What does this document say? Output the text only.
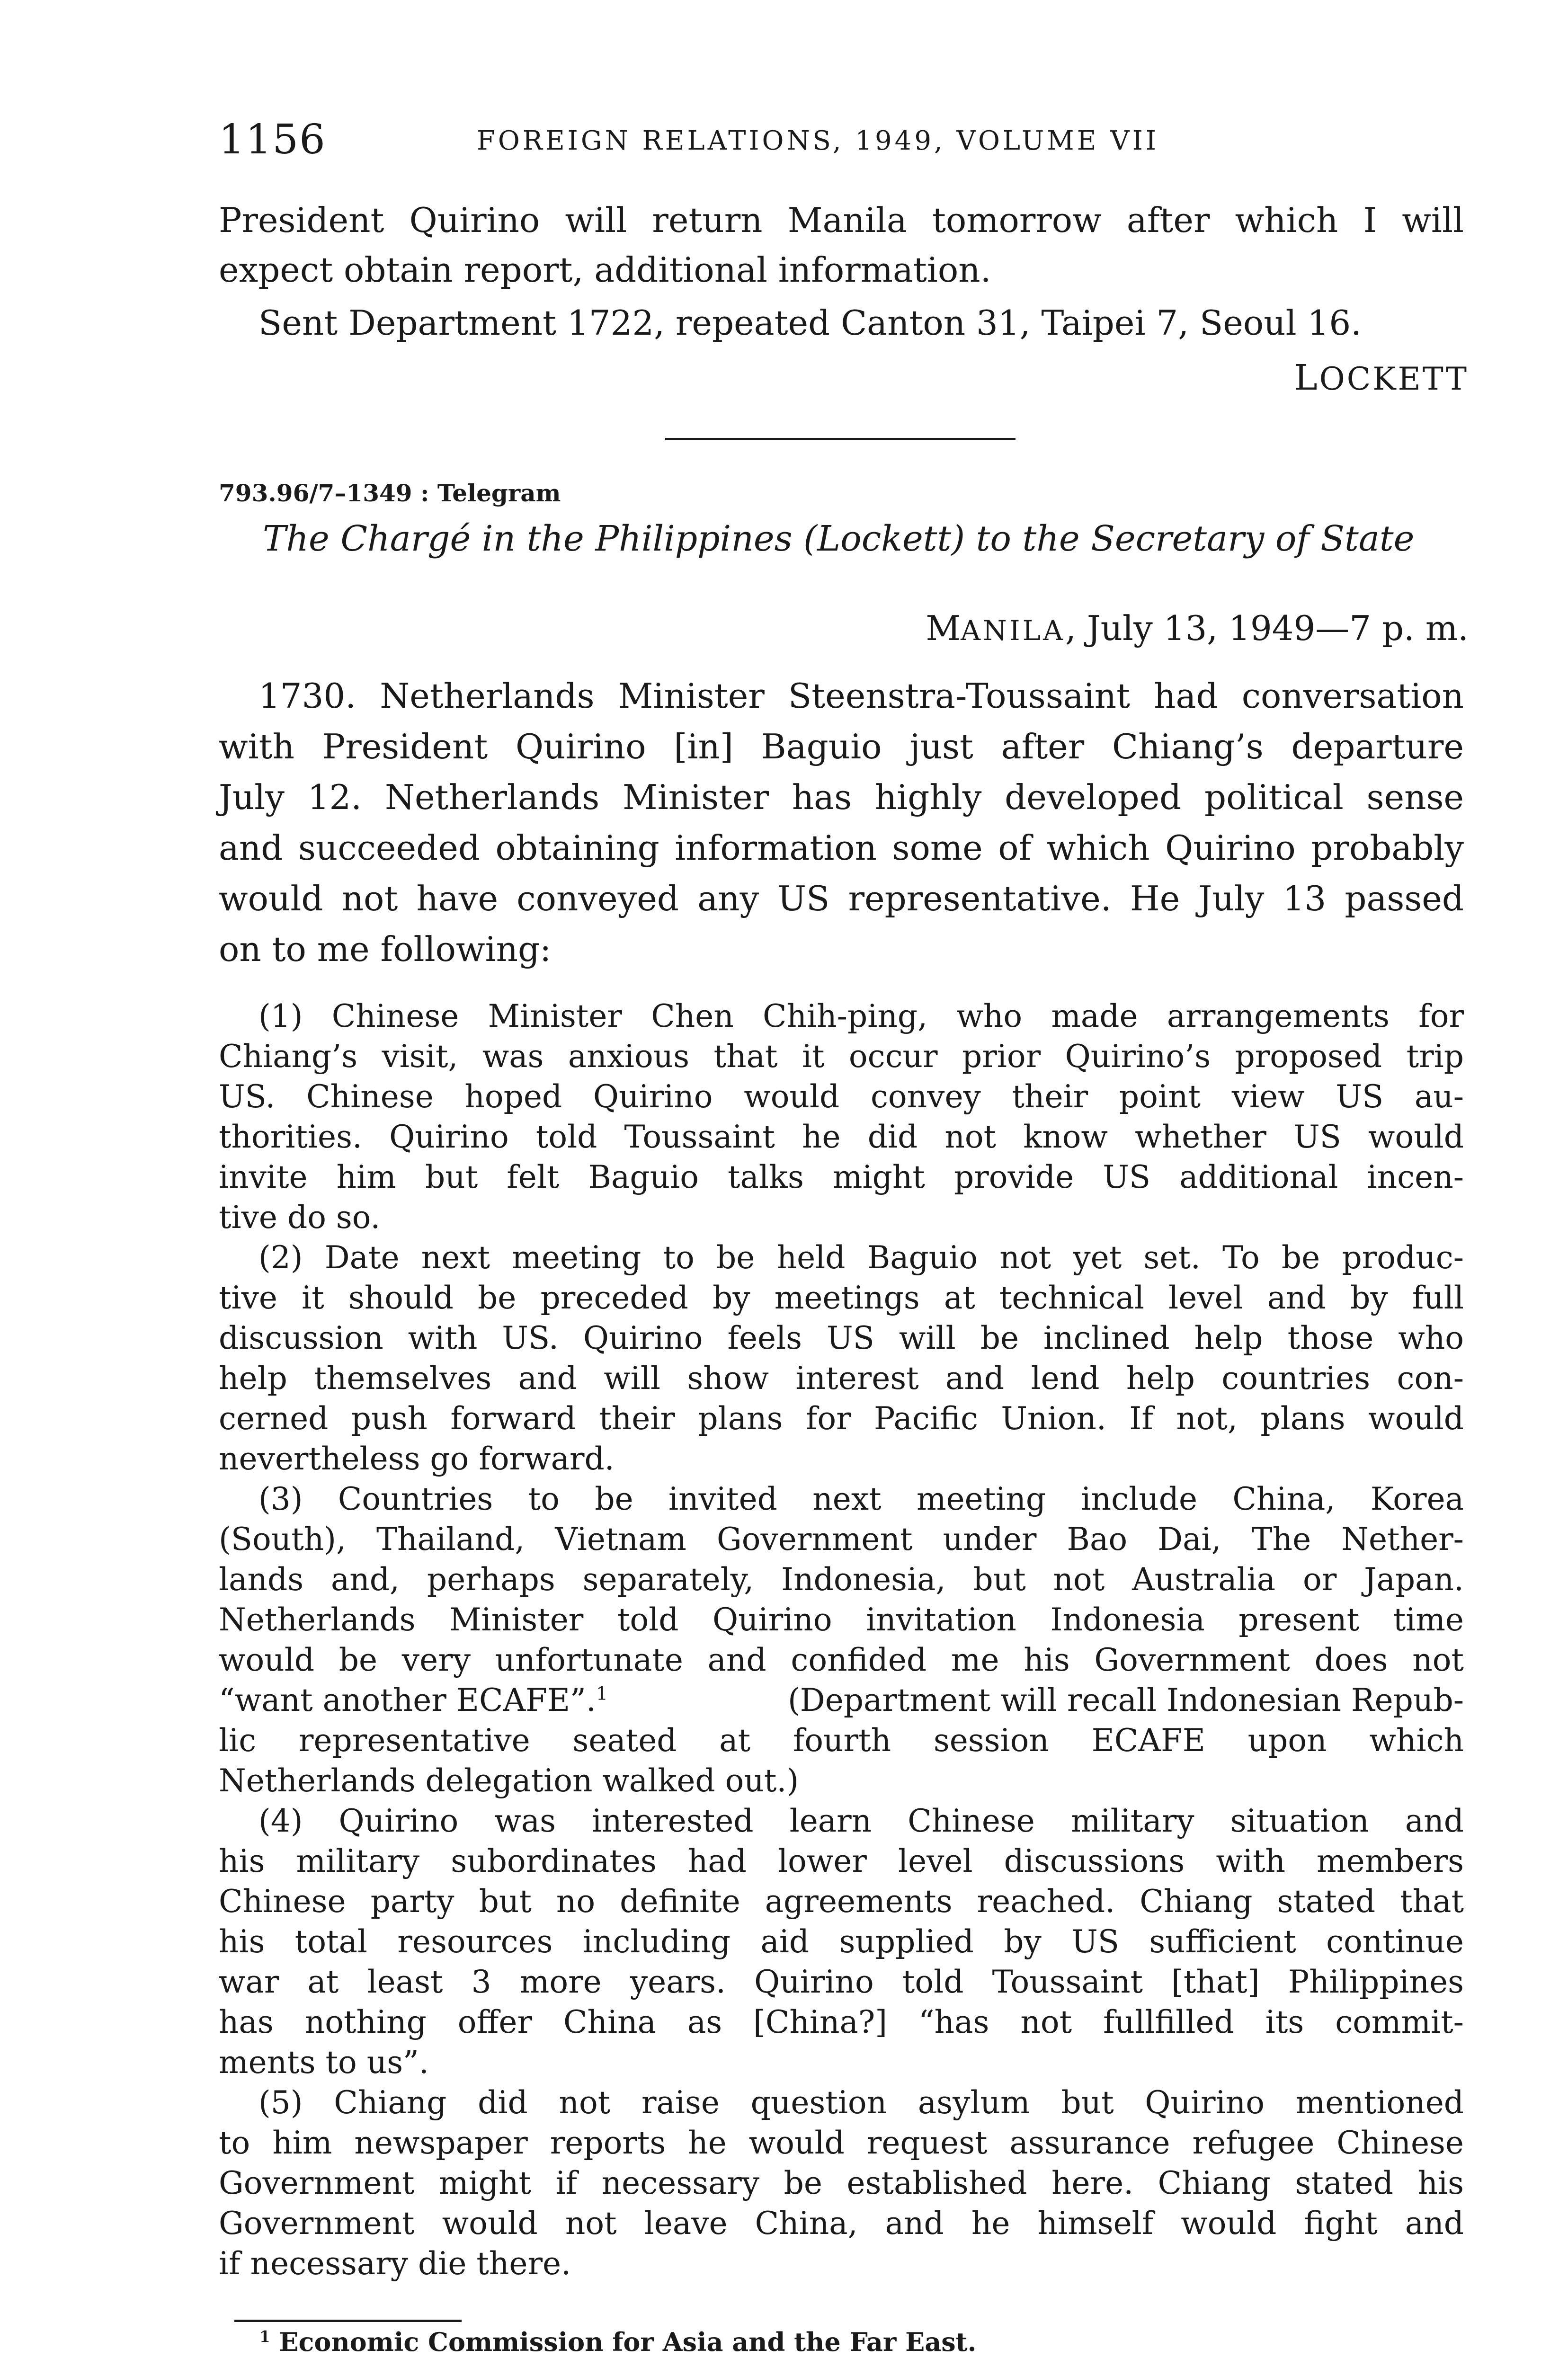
1156	FOREIGN RELATIONS, 1949, VOLUME VII
President Quirino will return Manila tomorrow after which I will
expect obtain report, additional information.
Sent Department 1722, repeated Canton 31, Taipei 7, Seoul 16.
LOCKETT
793.96/7–1349 : Telegram
The Chargé in the Philippines (Lockett) to the Secretary of State
MANILA, July 13, 1949—7 p. m.
1730. Netherlands Minister Steenstra-Toussaint had conversation
with President Quirino [in] Baguio just after Chiang’s departure
July 12. Netherlands Minister has highly developed political sense
and succeeded obtaining information some of which Quirino probably
would not have conveyed any US representative. He July 13 passed
on to me following:
(1) Chinese Minister Chen Chih-ping, who made arrangements for
Chiang’s visit, was anxious that it occur prior Quirino’s proposed trip
US. Chinese hoped Quirino would convey their point view US au-
thorities. Quirino told Toussaint he did not know whether US would
invite him but felt Baguio talks might provide US additional incen-
tive do so.
(2) Date next meeting to be held Baguio not yet set. To be produc-
tive it should be preceded by meetings at technical level and by full
discussion with US. Quirino feels US will be inclined help those who
help themselves and will show interest and lend help countries con-
cerned push forward their plans for Pacific Union. If not, plans would
nevertheless go forward.
(3) Countries to be invited next meeting include China, Korea
(South), Thailand, Vietnam Government under Bao Dai, The Nether-
lands and, perhaps separately, Indonesia, but not Australia or Japan.
Netherlands Minister told Quirino invitation Indonesia present time
would be very unfortunate and confided me his Government does not
“want another ECAFE”.$^1$	(Department will recall Indonesian Repub-
lic representative seated at fourth session ECAFE upon which
Netherlands delegation walked out.)
(4) Quirino was interested learn Chinese military situation and
his military subordinates had lower level discussions with members
Chinese party but no definite agreements reached. Chiang stated that
his total resources including aid supplied by US sufficient continue
war at least 3 more years. Quirino told Toussaint [that] Philippines
has nothing offer China as [China?] “has not fullfilled its commit-
ments to us”.
(5) Chiang did not raise question asylum but Quirino mentioned
to him newspaper reports he would request assurance refugee Chinese
Government might if necessary be established here. Chiang stated his
Government would not leave China, and he himself would fight and
if necessary die there.
$^1$ Economic Commission for Asia and the Far East.
